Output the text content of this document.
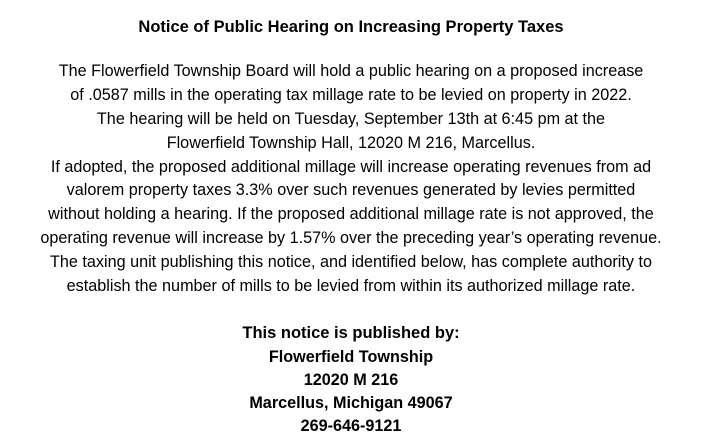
Notice of Public Hearing on Increasing Property Taxes
The Flowerfield Township Board will hold a public hearing on a proposed increase
of .0587 mills in the operating tax millage rate to be levied on property in 2022.
The hearing will be held on Tuesday, September 13th at 6:45 pm at the
Flowerfield Township Hall, 12020 M 216, Marcellus.
If adopted, the proposed additional millage will increase operating revenues from ad
valorem property taxes 3.3% over such revenues generated by levies permitted
without holding a hearing. If the proposed additional millage rate is not approved, the
operating revenue will increase by 1.57% over the preceding year’s operating revenue.
The taxing unit publishing this notice, and identified below, has complete authority to
establish the number of mills to be levied from within its authorized millage rate.
This notice is published by:
Flowerfield Township
12020 M 216
Marcellus, Michigan 49067
269-646-9121
